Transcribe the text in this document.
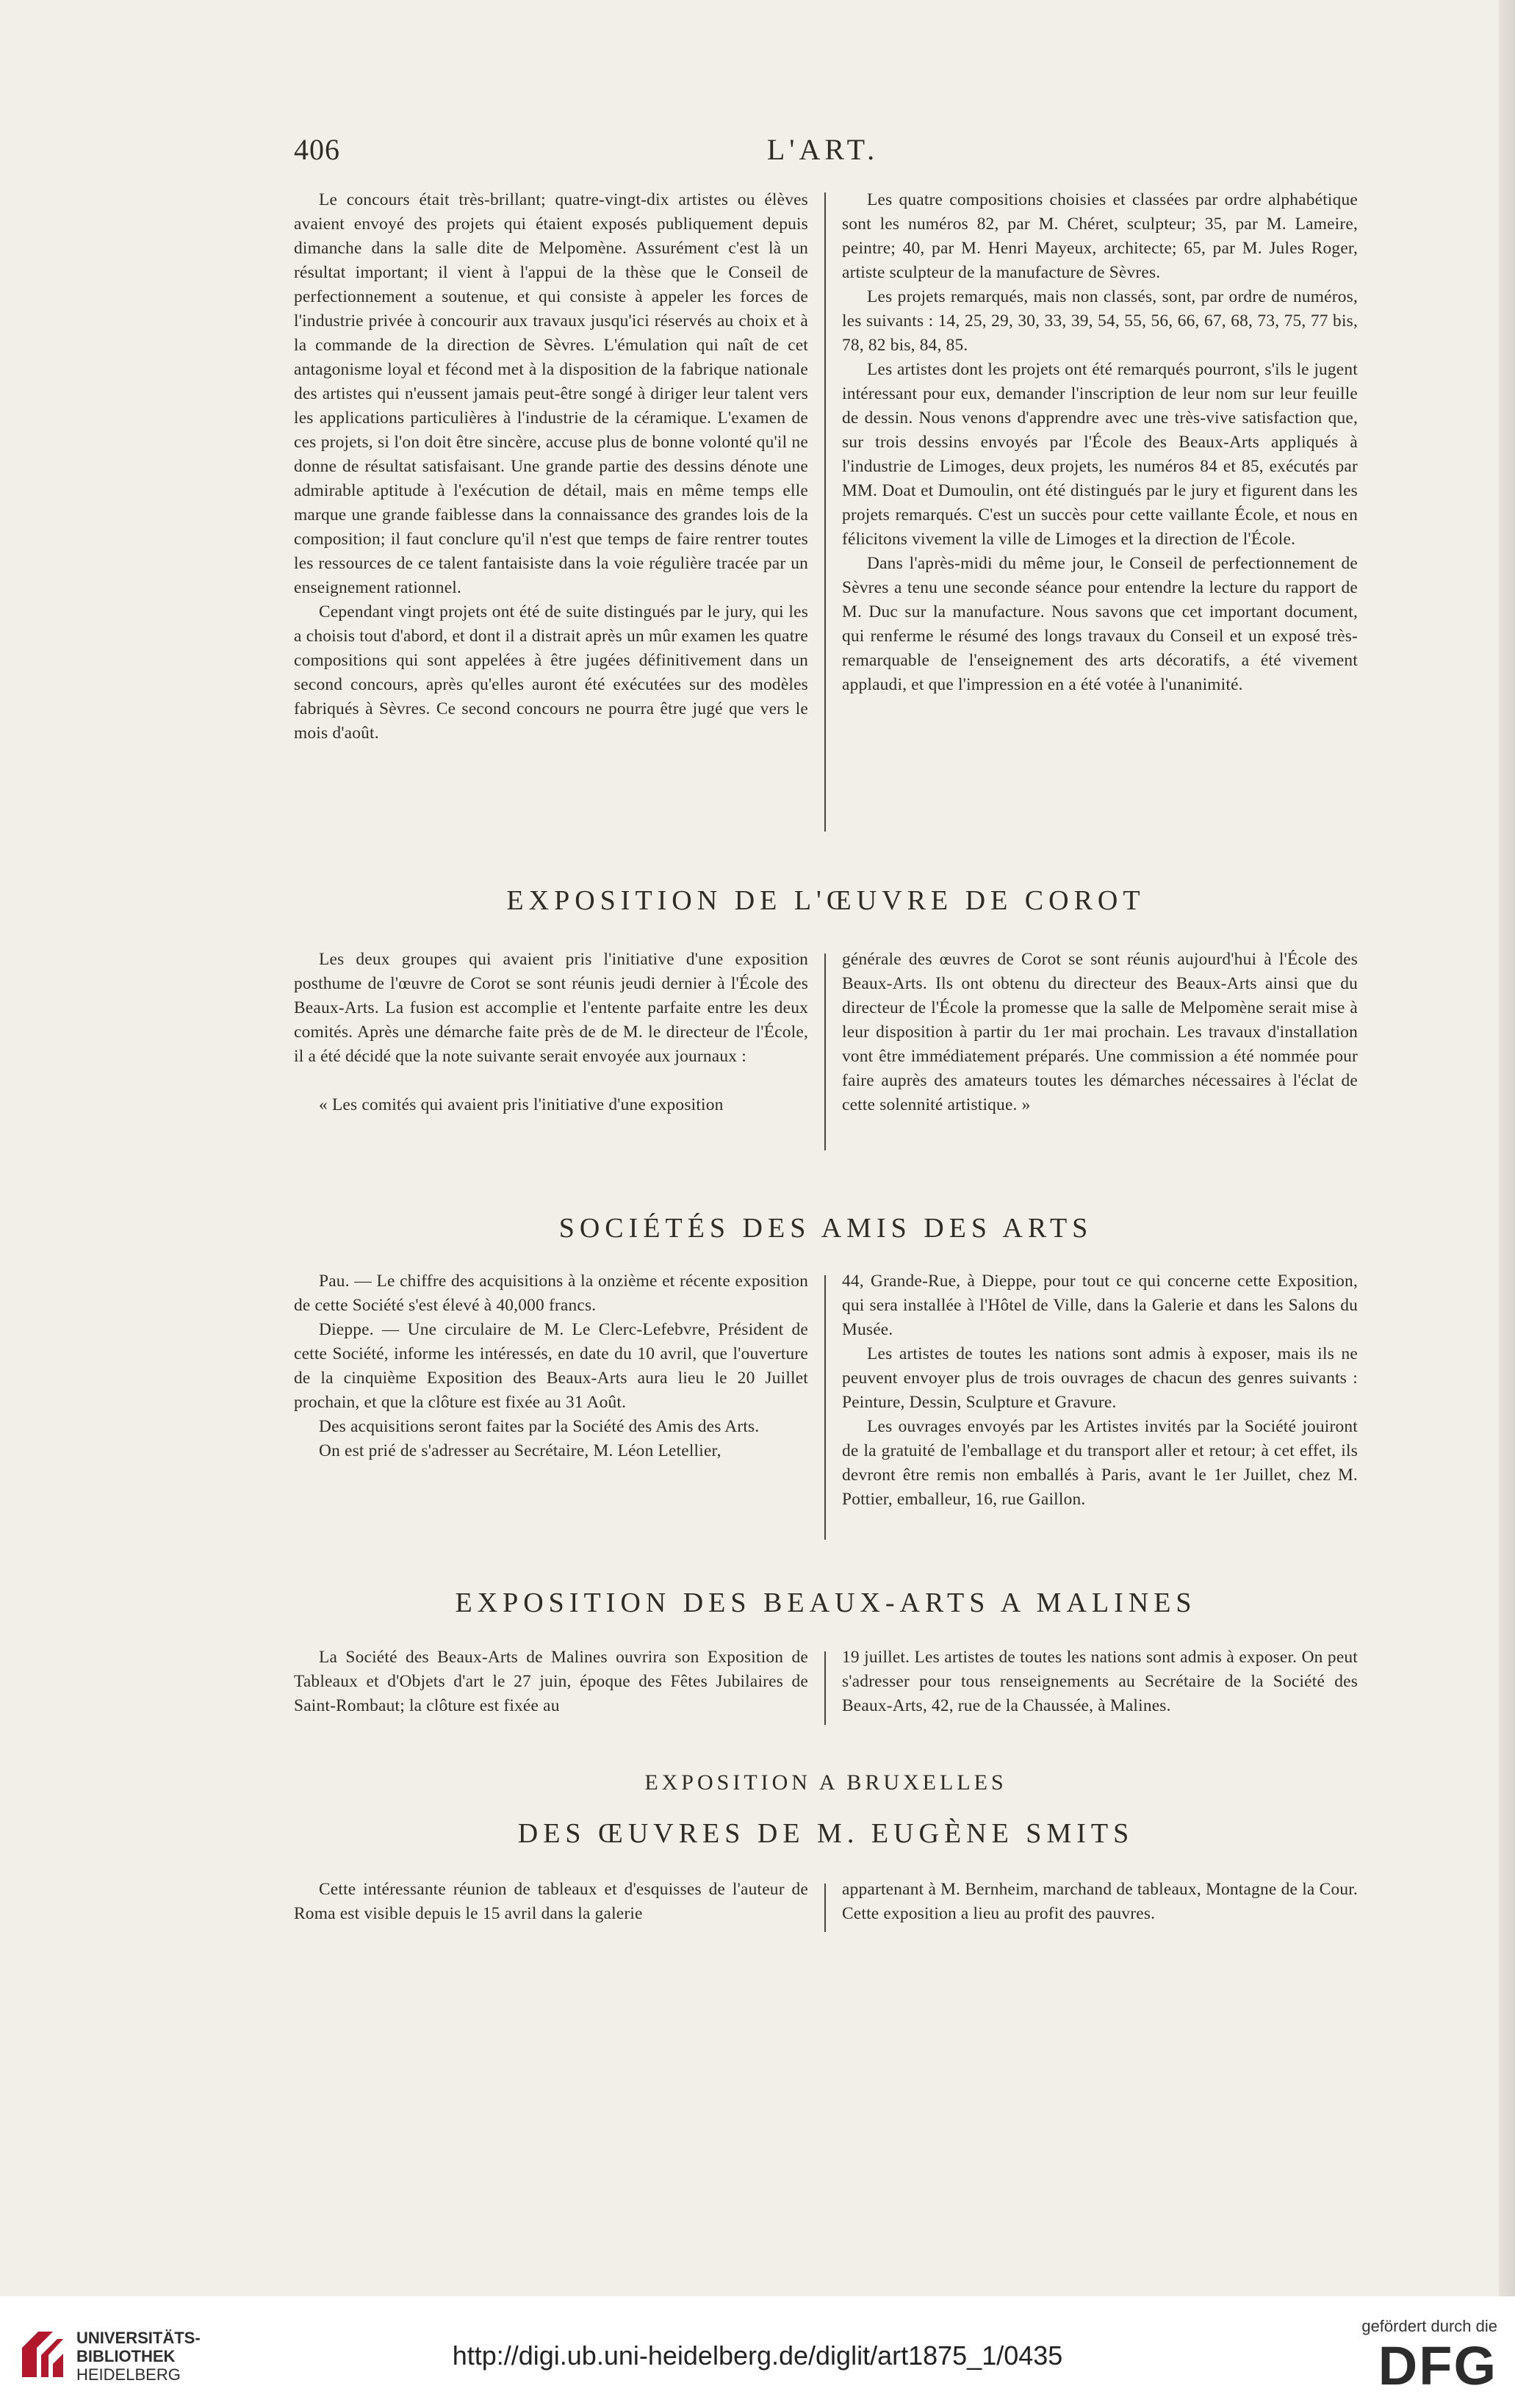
406	L'ART.

Le concours était très-brillant; quatre-vingt-dix artistes ou élèves avaient envoyé des projets qui étaient exposés publiquement depuis dimanche dans la salle dite de Melpomène. Assurément c'est là un résultat important; il vient à l'appui de la thèse que le Conseil de perfectionnement a soutenue, et qui consiste à appeler les forces de l'industrie privée à concourir aux travaux jusqu'ici réservés au choix et à la commande de la direction de Sèvres. L'émulation qui naît de cet antagonisme loyal et fécond met à la disposition de la fabrique nationale des artistes qui n'eussent jamais peut-être songé à diriger leur talent vers les applications particulières à l'industrie de la céramique. L'examen de ces projets, si l'on doit être sincère, accuse plus de bonne volonté qu'il ne donne de résultat satisfaisant. Une grande partie des dessins dénote une admirable aptitude à l'exécution de détail, mais en même temps elle marque une grande faiblesse dans la connaissance des grandes lois de la composition; il faut conclure qu'il n'est que temps de faire rentrer toutes les ressources de ce talent fantaisiste dans la voie régulière tracée par un enseignement rationnel.

Cependant vingt projets ont été de suite distingués par le jury, qui les a choisis tout d'abord, et dont il a distrait après un mûr examen les quatre compositions qui sont appelées à être jugées définitivement dans un second concours, après qu'elles auront été exécutées sur des modèles fabriqués à Sèvres. Ce second concours ne pourra être jugé que vers le mois d'août.

Les quatre compositions choisies et classées par ordre alphabétique sont les numéros 82, par M. Chéret, sculpteur; 35, par M. Lameire, peintre; 40, par M. Henri Mayeux, architecte; 65, par M. Jules Roger, artiste sculpteur de la manufacture de Sèvres.

Les projets remarqués, mais non classés, sont, par ordre de numéros, les suivants : 14, 25, 29, 30, 33, 39, 54, 55, 56, 66, 67, 68, 73, 75, 77 bis, 78, 82 bis, 84, 85.

Les artistes dont les projets ont été remarqués pourront, s'ils le jugent intéressant pour eux, demander l'inscription de leur nom sur leur feuille de dessin. Nous venons d'apprendre avec une très-vive satisfaction que, sur trois dessins envoyés par l'École des Beaux-Arts appliqués à l'industrie de Limoges, deux projets, les numéros 84 et 85, exécutés par MM. Doat et Dumoulin, ont été distingués par le jury et figurent dans les projets remarqués. C'est un succès pour cette vaillante École, et nous en félicitons vivement la ville de Limoges et la direction de l'École.

Dans l'après-midi du même jour, le Conseil de perfectionnement de Sèvres a tenu une seconde séance pour entendre la lecture du rapport de M. Duc sur la manufacture. Nous savons que cet important document, qui renferme le résumé des longs travaux du Conseil et un exposé très-remarquable de l'enseignement des arts décoratifs, a été vivement applaudi, et que l'impression en a été votée à l'unanimité.

EXPOSITION DE L'ŒUVRE DE COROT

Les deux groupes qui avaient pris l'initiative d'une exposition posthume de l'œuvre de Corot se sont réunis jeudi dernier à l'École des Beaux-Arts. La fusion est accomplie et l'entente parfaite entre les deux comités. Après une démarche faite près de de M. le directeur de l'École, il a été décidé que la note suivante serait envoyée aux journaux :

« Les comités qui avaient pris l'initiative d'une exposition

générale des œuvres de Corot se sont réunis aujourd'hui à l'École des Beaux-Arts. Ils ont obtenu du directeur des Beaux-Arts ainsi que du directeur de l'École la promesse que la salle de Melpomène serait mise à leur disposition à partir du 1er mai prochain. Les travaux d'installation vont être immédiatement préparés. Une commission a été nommée pour faire auprès des amateurs toutes les démarches nécessaires à l'éclat de cette solennité artistique. »

SOCIÉTÉS DES AMIS DES ARTS

Pau. — Le chiffre des acquisitions à la onzième et récente exposition de cette Société s'est élevé à 40,000 francs.

Dieppe. — Une circulaire de M. Le Clerc-Lefebvre, Président de cette Société, informe les intéressés, en date du 10 avril, que l'ouverture de la cinquième Exposition des Beaux-Arts aura lieu le 20 Juillet prochain, et que la clôture est fixée au 31 Août.

Des acquisitions seront faites par la Société des Amis des Arts.

On est prié de s'adresser au Secrétaire, M. Léon Letellier,

44, Grande-Rue, à Dieppe, pour tout ce qui concerne cette Exposition, qui sera installée à l'Hôtel de Ville, dans la Galerie et dans les Salons du Musée.

Les artistes de toutes les nations sont admis à exposer, mais ils ne peuvent envoyer plus de trois ouvrages de chacun des genres suivants : Peinture, Dessin, Sculpture et Gravure.

Les ouvrages envoyés par les Artistes invités par la Société jouiront de la gratuité de l'emballage et du transport aller et retour; à cet effet, ils devront être remis non emballés à Paris, avant le 1er Juillet, chez M. Pottier, emballeur, 16, rue Gaillon.

EXPOSITION DES BEAUX-ARTS A MALINES

La Société des Beaux-Arts de Malines ouvrira son Exposition de Tableaux et d'Objets d'art le 27 juin, époque des Fêtes Jubilaires de Saint-Rombaut; la clôture est fixée au

19 juillet. Les artistes de toutes les nations sont admis à exposer. On peut s'adresser pour tous renseignements au Secrétaire de la Société des Beaux-Arts, 42, rue de la Chaussée, à Malines.

EXPOSITION A BRUXELLES
DES ŒUVRES DE M. EUGÈNE SMITS

Cette intéressante réunion de tableaux et d'esquisses de l'auteur de Roma est visible depuis le 15 avril dans la galerie

appartenant à M. Bernheim, marchand de tableaux, Montagne de la Cour. Cette exposition a lieu au profit des pauvres.

UNIVERSITÄTS-
BIBLIOTHEK
HEIDELBERG
http://digi.ub.uni-heidelberg.de/diglit/art1875_1/0435
gefördert durch die
DFG
